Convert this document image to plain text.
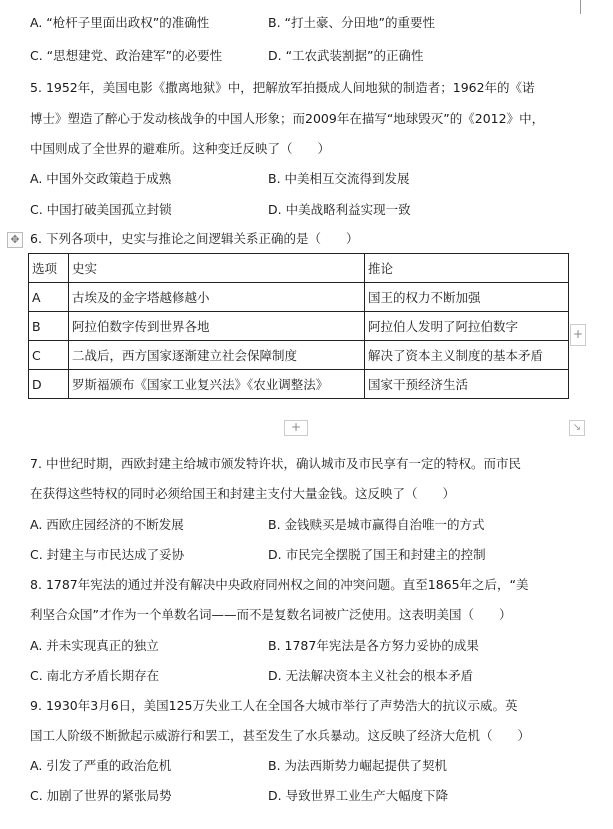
A. “枪杆子里面出政权”的准确性	B. “打土豪、分田地”的重要性
C. “思想建党、政治建军”的必要性	D. “工农武装割据”的正确性
5. 1952年，美国电影《撒离地狱》中，把解放军拍摄成人间地狱的制造者；1962年的《诺
博士》塑造了醉心于发动核战争的中国人形象；而2009年在描写“地球毁灭”的《2012》中，
中国则成了全世界的避难所。这种变迁反映了（　　）
A. 中国外交政策趋于成熟	B. 中美相互交流得到发展
C. 中国打破美国孤立封锁	D. 中美战略利益实现一致
✥ 6. 下列各项中，史实与推论之间逻辑关系正确的是（　　）
选项	史实	推论
A	古埃及的金字塔越修越小	国王的权力不断加强
B	阿拉伯数字传到世界各地	阿拉伯人发明了阿拉伯数字
C	二战后，西方国家逐渐建立社会保障制度	解决了资本主义制度的基本矛盾
D	罗斯福颁布《国家工业复兴法》《农业调整法》	国家干预经济生活
+
+	↘
7. 中世纪时期，西欧封建主给城市颁发特许状，确认城市及市民享有一定的特权。而市民
在获得这些特权的同时必须给国王和封建主支付大量金钱。这反映了（　　）
A. 西欧庄园经济的不断发展	B. 金钱赎买是城市赢得自治唯一的方式
C. 封建主与市民达成了妥协	D. 市民完全摆脱了国王和封建主的控制
8. 1787年宪法的通过并没有解决中央政府同州权之间的冲突问题。直至1865年之后，“美
利坚合众国”才作为一个单数名词——而不是复数名词被广泛使用。这表明美国（　　）
A. 并未实现真正的独立	B. 1787年宪法是各方努力妥协的成果
C. 南北方矛盾长期存在	D. 无法解决资本主义社会的根本矛盾
9. 1930年3月6日，美国125万失业工人在全国各大城市举行了声势浩大的抗议示威。英
国工人阶级不断掀起示威游行和罢工，甚至发生了水兵暴动。这反映了经济大危机（　　）
A. 引发了严重的政治危机	B. 为法西斯势力崛起提供了契机
C. 加剧了世界的紧张局势	D. 导致世界工业生产大幅度下降
